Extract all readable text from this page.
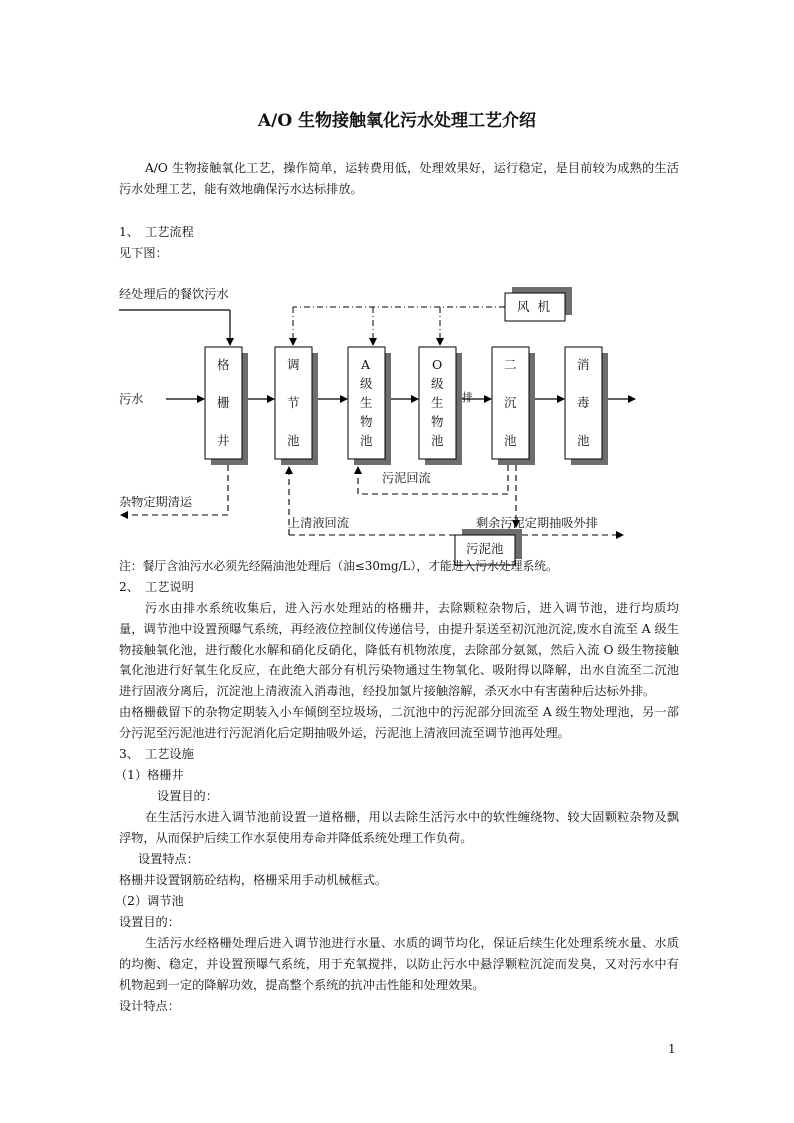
A/O 生物接触氧化污水处理工艺介绍
A/O 生物接触氧化工艺，操作简单，运转费用低，处理效果好，运行稳定，是目前较为成熟的生活污水处理工艺，能有效地确保污水达标排放。
1、　工艺流程
见下图：
经处理后的餐饮污水
污水
风 机
格
栅
井
调
节
池
A
级
生
物
池
O
级
生
物
池
二
沉
池
消
毒
池
排
污泥回流
杂物定期清运
上清液回流	剩余污泥定期抽吸外排
污泥池
注：餐厅含油污水必须先经隔油池处理后（油≤30mg/L），才能进入污水处理系统。
2、　工艺说明
污水由排水系统收集后，进入污水处理站的格栅井，去除颗粒杂物后，进入调节池，进行均质均量，调节池中设置预曝气系统，再经液位控制仪传递信号，由提升泵送至初沉池沉淀,废水自流至 A 级生物接触氧化池，进行酸化水解和硝化反硝化，降低有机物浓度，去除部分氨氮，然后入流 O 级生物接触氧化池进行好氧生化反应，在此绝大部分有机污染物通过生物氧化、吸附得以降解，出水自流至二沉池进行固液分离后，沉淀池上清液流入消毒池，经投加氯片接触溶解，杀灭水中有害菌种后达标外排。
由格栅截留下的杂物定期装入小车倾倒至垃圾场，二沉池中的污泥部分回流至 A 级生物处理池，另一部分污泥至污泥池进行污泥消化后定期抽吸外运，污泥池上清液回流至调节池再处理。
3、　工艺设施
（1）格栅井
设置目的：
在生活污水进入调节池前设置一道格栅，用以去除生活污水中的软性缠绕物、较大固颗粒杂物及飘浮物，从而保护后续工作水泵使用寿命并降低系统处理工作负荷。
设置特点：
格栅井设置钢筋砼结构，格栅采用手动机械框式。
（2）调节池
设置目的：
生活污水经格栅处理后进入调节池进行水量、水质的调节均化，保证后续生化处理系统水量、水质的均衡、稳定，并设置预曝气系统，用于充氧搅拌，以防止污水中悬浮颗粒沉淀而发臭，又对污水中有机物起到一定的降解功效，提高整个系统的抗冲击性能和处理效果。
设计特点：
1
